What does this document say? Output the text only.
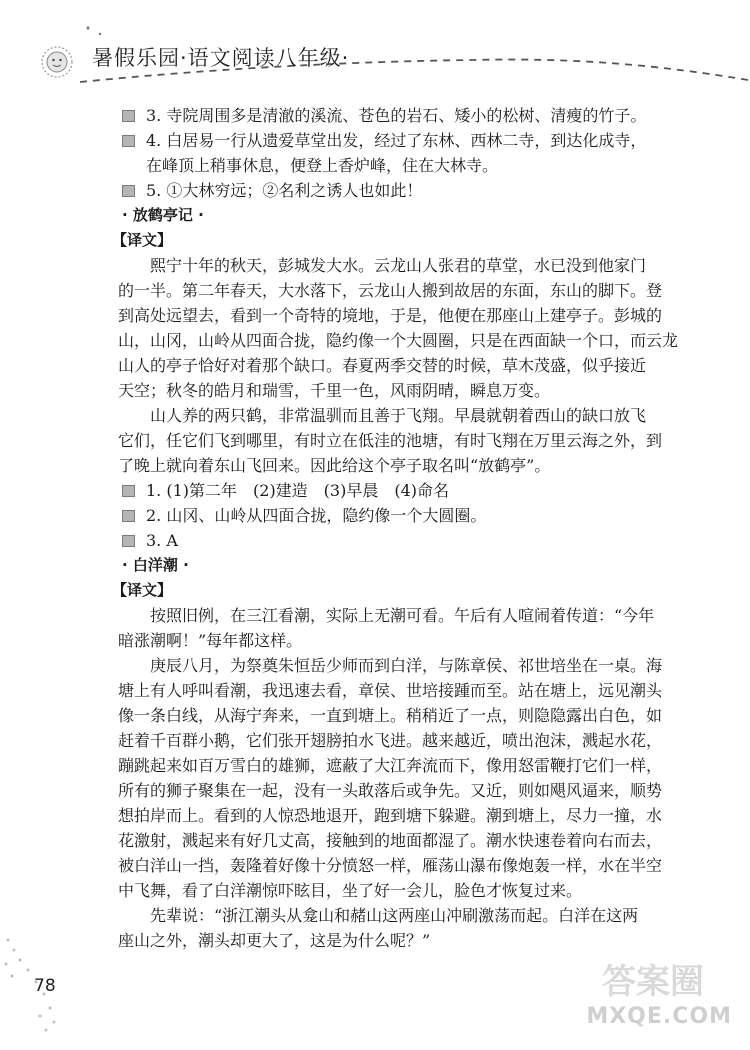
暑假乐园·语文阅读八年级·
3. 寺院周围多是清澈的溪流、苍色的岩石、矮小的松树、清瘦的竹子。
4. 白居易一行从遗爱草堂出发，经过了东林、西林二寺，到达化成寺，
在峰顶上稍事休息，便登上香炉峰，住在大林寺。
5. ①大林穷远；②名利之诱人也如此！
· 放鹤亭记 ·
【译文】
熙宁十年的秋天，彭城发大水。云龙山人张君的草堂，水已没到他家门
的一半。第二年春天，大水落下，云龙山人搬到故居的东面，东山的脚下。登
到高处远望去，看到一个奇特的境地，于是，他便在那座山上建亭子。彭城的
山，山冈，山岭从四面合拢，隐约像一个大圆圈，只是在西面缺一个口，而云龙
山人的亭子恰好对着那个缺口。春夏两季交替的时候，草木茂盛，似乎接近
天空；秋冬的皓月和瑞雪，千里一色，风雨阴晴，瞬息万变。
山人养的两只鹤，非常温驯而且善于飞翔。早晨就朝着西山的缺口放飞
它们，任它们飞到哪里，有时立在低洼的池塘，有时飞翔在万里云海之外，到
了晚上就向着东山飞回来。因此给这个亭子取名叫“放鹤亭”。
1. (1)第二年　(2)建造　(3)早晨　(4)命名
2. 山冈、山岭从四面合拢，隐约像一个大圆圈。
3. A
· 白洋潮 ·
【译文】
按照旧例，在三江看潮，实际上无潮可看。午后有人喧闹着传道：“今年
暗涨潮啊！”每年都这样。
庚辰八月，为祭奠朱恒岳少师而到白洋，与陈章侯、祁世培坐在一桌。海
塘上有人呼叫看潮，我迅速去看，章侯、世培接踵而至。站在塘上，远见潮头
像一条白线，从海宁奔来，一直到塘上。稍稍近了一点，则隐隐露出白色，如
赶着千百群小鹅，它们张开翅膀拍水飞进。越来越近，喷出泡沫，溅起水花，
蹦跳起来如百万雪白的雄狮，遮蔽了大江奔流而下，像用怒雷鞭打它们一样，
所有的狮子聚集在一起，没有一头敢落后或争先。又近，则如飓风逼来，顺势
想拍岸而上。看到的人惊恐地退开，跑到塘下躲避。潮到塘上，尽力一撞，水
花激射，溅起来有好几丈高，接触到的地面都湿了。潮水快速卷着向右而去，
被白洋山一挡，轰隆着好像十分愤怒一样，雁荡山瀑布像炮轰一样，水在半空
中飞舞，看了白洋潮惊吓眩目，坐了好一会儿，脸色才恢复过来。
先辈说：“浙江潮头从龛山和赭山这两座山冲刷激荡而起。白洋在这两
座山之外，潮头却更大了，这是为什么呢？”
78	答案圈
MXQE.COM
